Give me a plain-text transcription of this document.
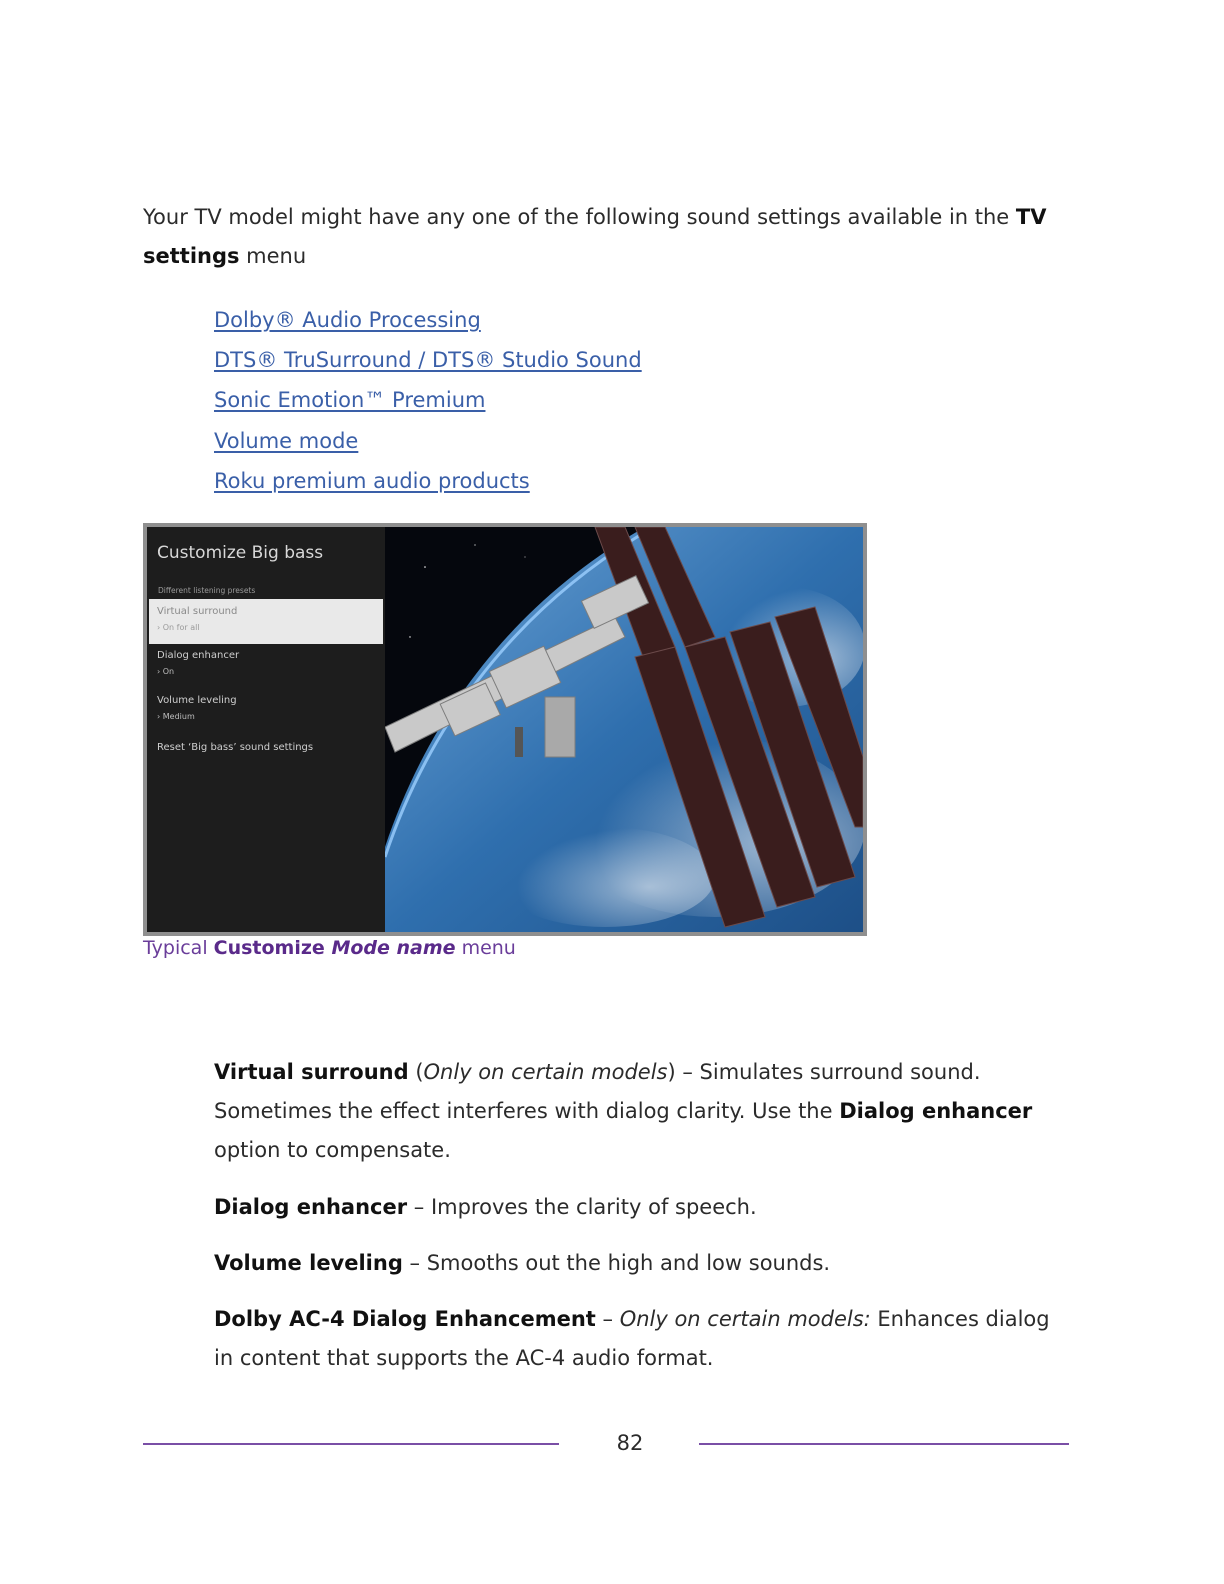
Your TV model might have any one of the following sound settings available in the TV settings menu

Dolby® Audio Processing
DTS® TruSurround / DTS® Studio Sound
Sonic Emotion™ Premium
Volume mode
Roku premium audio products
Customize Big bass
Different listening presets
Virtual surround
› On for all
Dialog enhancer
› On
Volume leveling
› Medium
Reset ‘Big bass’ sound settings
Typical Customize Mode name menu

Virtual surround (Only on certain models) – Simulates surround sound. Sometimes the effect interferes with dialog clarity. Use the Dialog enhancer option to compensate.

Dialog enhancer – Improves the clarity of speech.

Volume leveling – Smooths out the high and low sounds.

Dolby AC-4 Dialog Enhancement – Only on certain models: Enhances dialog in content that supports the AC-4 audio format.

82
